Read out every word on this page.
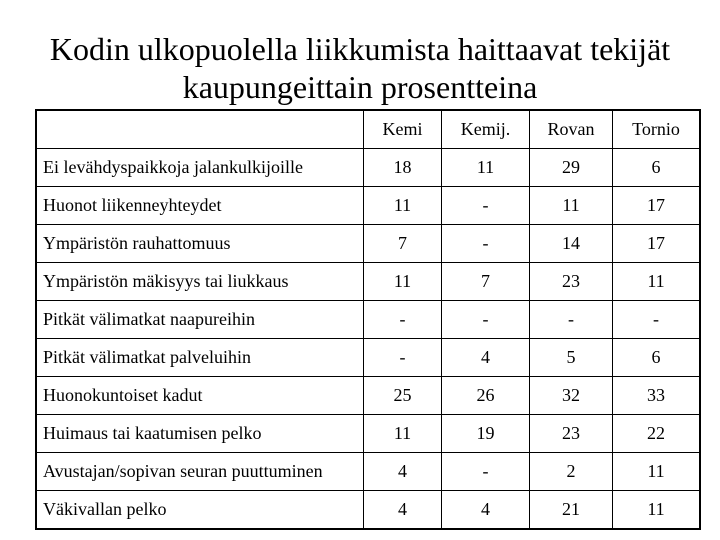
Kodin ulkopuolella liikkumista haittaavat tekijät
kaupungeittain prosentteina
	Kemi	Kemij.	Rovan	Tornio
Ei levähdyspaikkoja jalankulkijoille	18	11	29	6
Huonot liikenneyhteydet	11	-	11	17
Ympäristön rauhattomuus	7	-	14	17
Ympäristön mäkisyys tai liukkaus	11	7	23	11
Pitkät välimatkat naapureihin	-	-	-	-
Pitkät välimatkat palveluihin	-	4	5	6
Huonokuntoiset kadut	25	26	32	33
Huimaus tai kaatumisen pelko	11	19	23	22
Avustajan/sopivan seuran puuttuminen	4	-	2	11
Väkivallan pelko	4	4	21	11
